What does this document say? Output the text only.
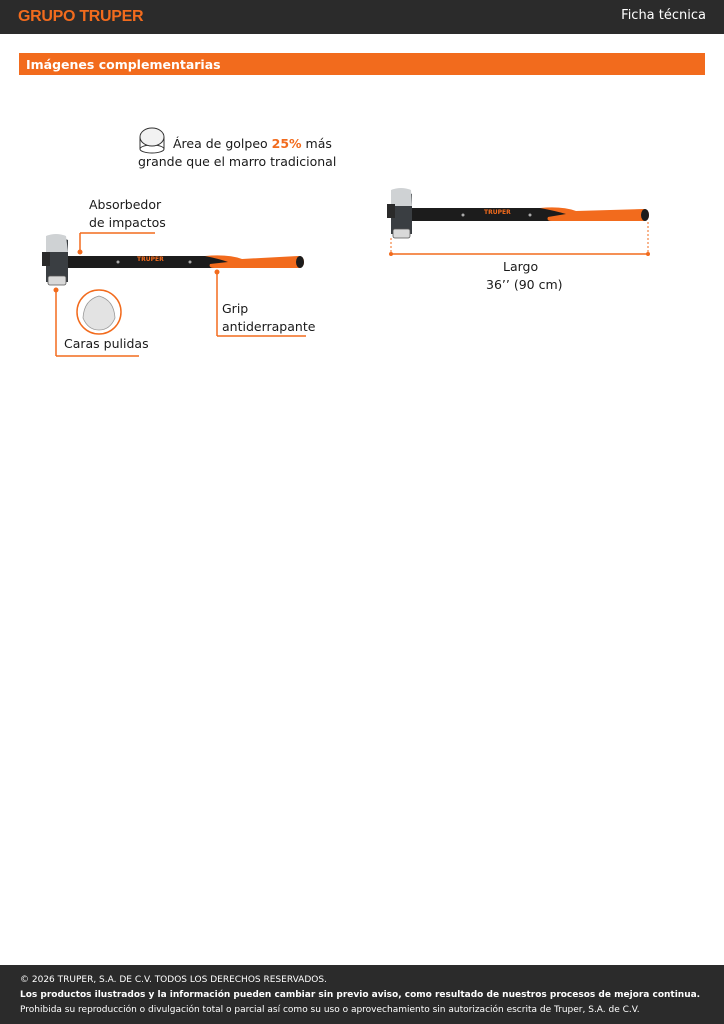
GRUPO TRUPER	Ficha técnica
Imágenes complementarias
TRUPER
TRUPER
Área de golpeo 25% más
grande que el marro tradicional
Absorbedor
de impactos
Grip
antiderrapante
Caras pulidas
Largo
36’’ (90 cm)
© 2026 TRUPER, S.A. DE C.V. TODOS LOS DERECHOS RESERVADOS.
Los productos ilustrados y la información pueden cambiar sin previo aviso, como resultado de nuestros procesos de mejora continua.
Prohibida su reproducción o divulgación total o parcial así como su uso o aprovechamiento sin autorización escrita de Truper, S.A. de C.V.
